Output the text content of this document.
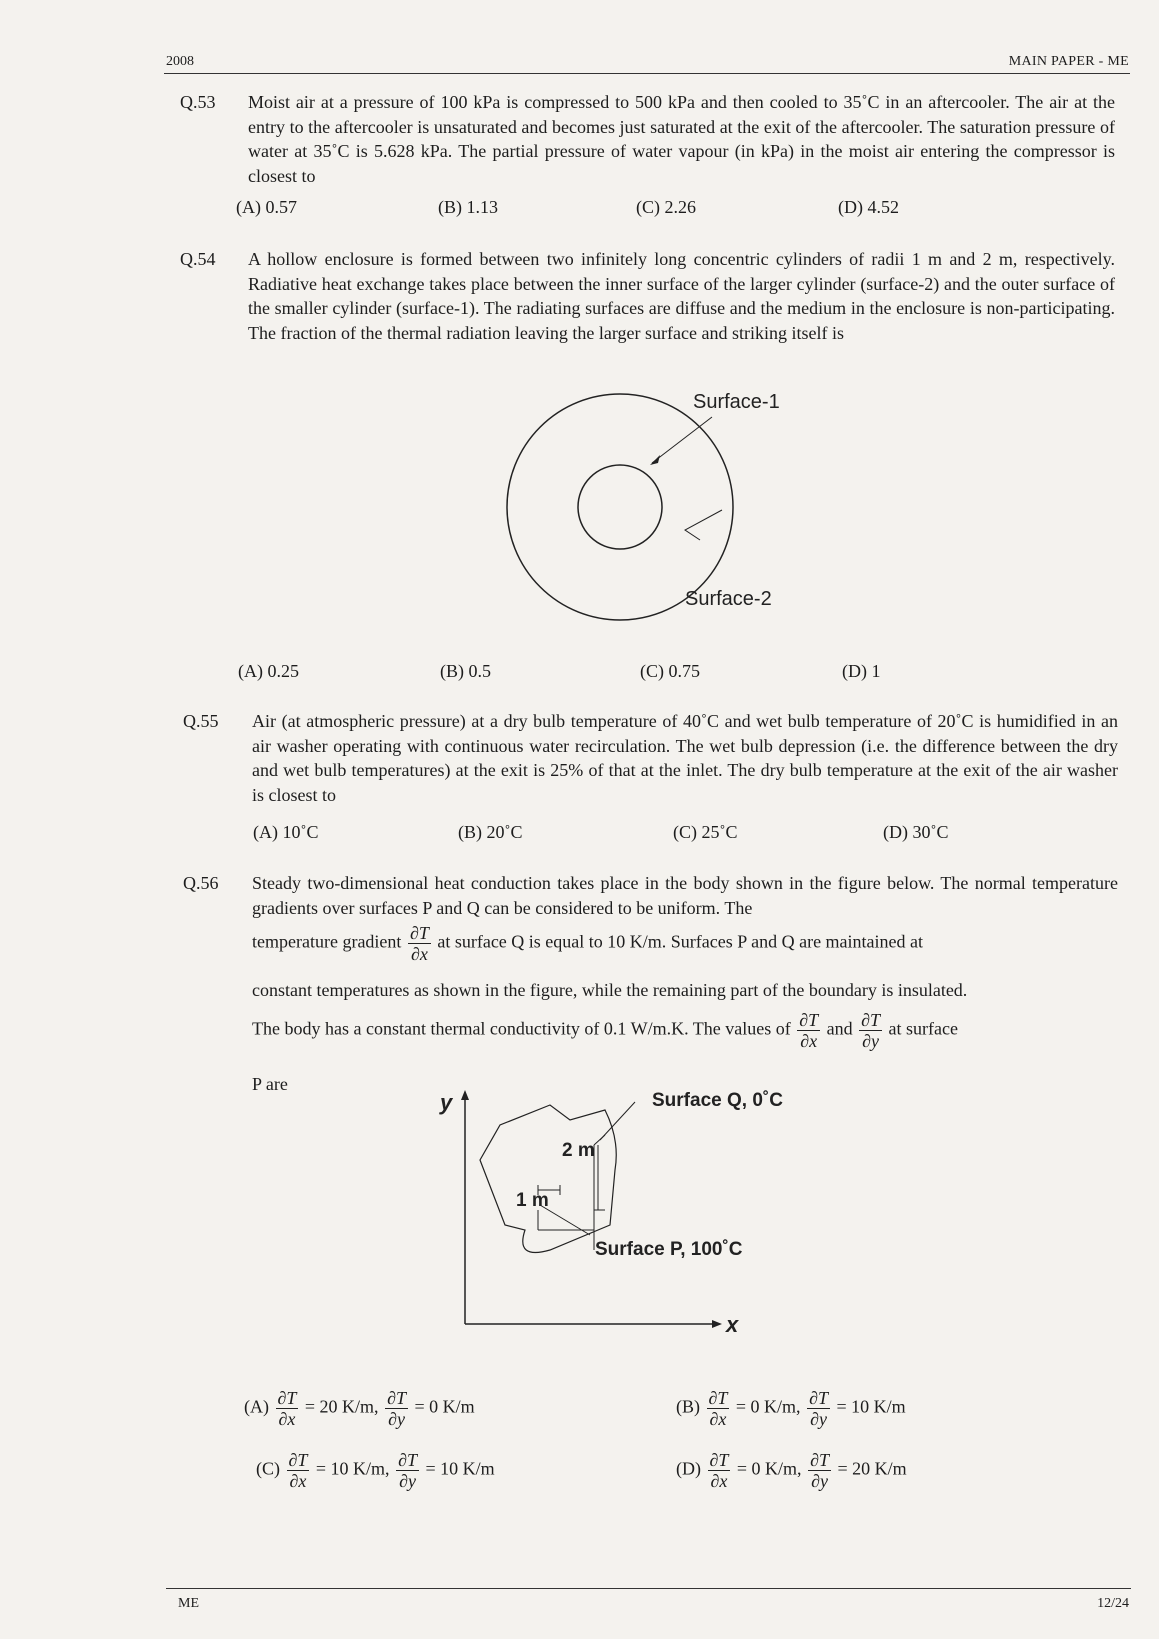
2008	MAIN PAPER - ME
Q.53 Moist air at a pressure of 100 kPa is compressed to 500 kPa and then cooled to 35˚C in an aftercooler. The air at the entry to the aftercooler is unsaturated and becomes just saturated at the exit of the aftercooler. The saturation pressure of water at 35˚C is 5.628 kPa. The partial pressure of water vapour (in kPa) in the moist air entering the compressor is closest to
(A) 0.57	(B) 1.13	(C) 2.26	(D) 4.52
Q.54 A hollow enclosure is formed between two infinitely long concentric cylinders of radii 1 m and 2 m, respectively. Radiative heat exchange takes place between the inner surface of the larger cylinder (surface-2) and the outer surface of the smaller cylinder (surface-1). The radiating surfaces are diffuse and the medium in the enclosure is non-participating. The fraction of the thermal radiation leaving the larger surface and striking itself is
Surface-1
Surface-2
(A) 0.25	(B) 0.5	(C) 0.75	(D) 1
Q.55 Air (at atmospheric pressure) at a dry bulb temperature of 40˚C and wet bulb temperature of 20˚C is humidified in an air washer operating with continuous water recirculation. The wet bulb depression (i.e. the difference between the dry and wet bulb temperatures) at the exit is 25% of that at the inlet. The dry bulb temperature at the exit of the air washer is closest to
(A) 10˚C	(B) 20˚C	(C) 25˚C	(D) 30˚C
Q.56 Steady two-dimensional heat conduction takes place in the body shown in the figure below. The normal temperature gradients over surfaces P and Q can be considered to be uniform. The
temperature gradient $\frac{\partial T}{\partial x}$ at surface Q is equal to 10 K/m. Surfaces P and Q are maintained at
constant temperatures as shown in the figure, while the remaining part of the boundary is insulated.
The body has a constant thermal conductivity of 0.1 W/m.K. The values of $\frac{\partial T}{\partial x}$ and $\frac{\partial T}{\partial y}$ at surface
P are
y
x
Surface Q, 0˚C
Surface P, 100˚C
2 m
1 m
$(A) \frac{\partial T}{\partial x} = 20$ K/m, $\frac{\partial T}{\partial y} = 0$ K/m	$(B) \frac{\partial T}{\partial x} = 0$ K/m, $\frac{\partial T}{\partial y} = 10$ K/m
$(C) \frac{\partial T}{\partial x} = 10$ K/m, $\frac{\partial T}{\partial y} = 10$ K/m	$(D) \frac{\partial T}{\partial x} = 0$ K/m, $\frac{\partial T}{\partial y} = 20$ K/m
ME	12/24
